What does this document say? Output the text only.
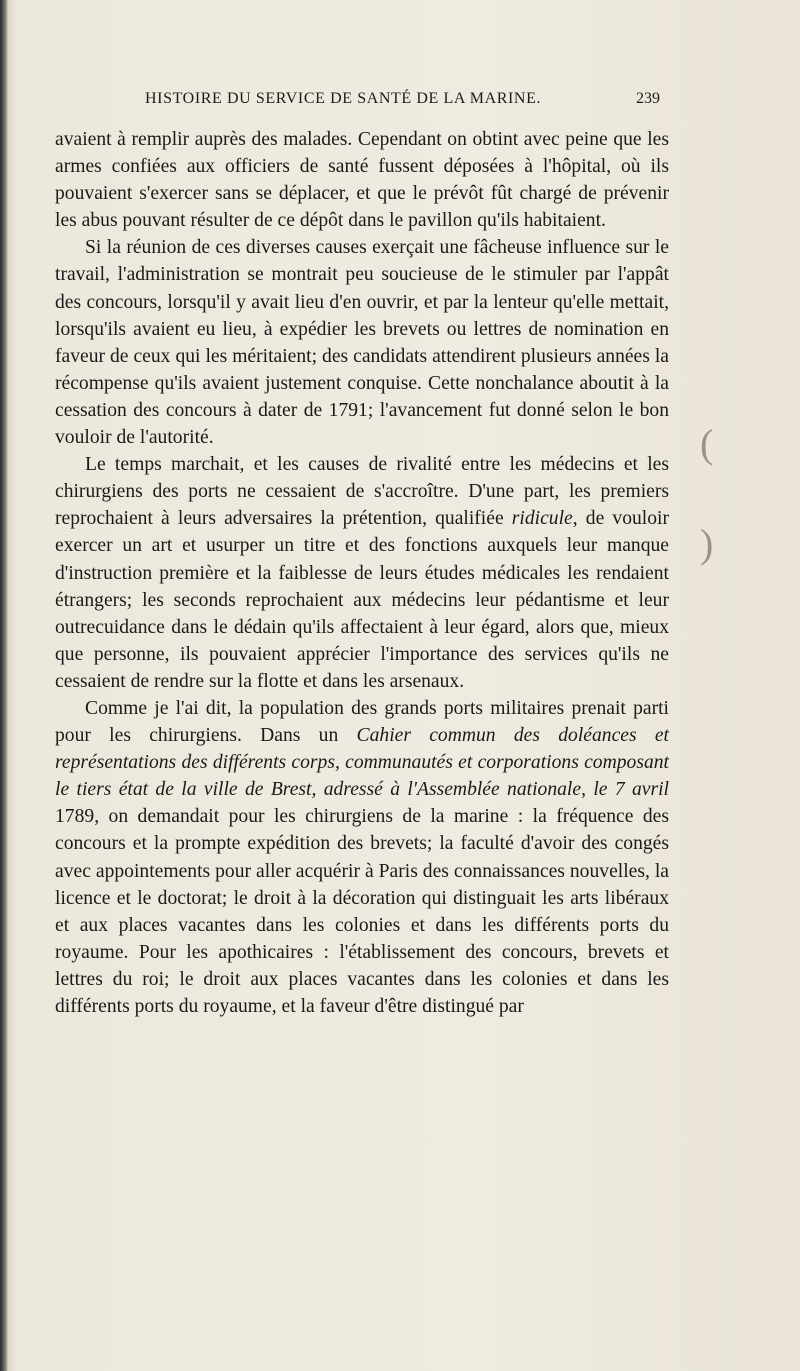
HISTOIRE DU SERVICE DE SANTÉ DE LA MARINE.	239

avaient à remplir auprès des malades. Cependant on obtint avec peine que les armes confiées aux officiers de santé fussent déposées à l'hôpital, où ils pouvaient s'exercer sans se déplacer, et que le prévôt fût chargé de prévenir les abus pouvant résulter de ce dépôt dans le pavillon qu'ils habitaient.

Si la réunion de ces diverses causes exerçait une fâcheuse influence sur le travail, l'administration se montrait peu soucieuse de le stimuler par l'appât des concours, lorsqu'il y avait lieu d'en ouvrir, et par la lenteur qu'elle mettait, lorsqu'ils avaient eu lieu, à expédier les brevets ou lettres de nomination en faveur de ceux qui les méritaient; des candidats attendirent plusieurs années la récompense qu'ils avaient justement conquise. Cette nonchalance aboutit à la cessation des concours à dater de 1791; l'avancement fut donné selon le bon vouloir de l'autorité.

Le temps marchait, et les causes de rivalité entre les médecins et les chirurgiens des ports ne cessaient de s'accroître. D'une part, les premiers reprochaient à leurs adversaires la prétention, qualifiée ridicule, de vouloir exercer un art et usurper un titre et des fonctions auxquels leur manque d'instruction première et la faiblesse de leurs études médicales les rendaient étrangers; les seconds reprochaient aux médecins leur pédantisme et leur outrecuidance dans le dédain qu'ils affectaient à leur égard, alors que, mieux que personne, ils pouvaient apprécier l'importance des services qu'ils ne cessaient de rendre sur la flotte et dans les arsenaux.

Comme je l'ai dit, la population des grands ports militaires prenait parti pour les chirurgiens. Dans un Cahier commun des doléances et représentations des différents corps, communautés et corporations composant le tiers état de la ville de Brest, adressé à l'Assemblée nationale, le 7 avril 1789, on demandait pour les chirurgiens de la marine : la fréquence des concours et la prompte expédition des brevets; la faculté d'avoir des congés avec appointements pour aller acquérir à Paris des connaissances nouvelles, la licence et le doctorat; le droit à la décoration qui distinguait les arts libéraux et aux places vacantes dans les colonies et dans les différents ports du royaume. Pour les apothicaires : l'établissement des concours, brevets et lettres du roi; le droit aux places vacantes dans les colonies et dans les différents ports du royaume, et la faveur d'être distingué par

(
)
